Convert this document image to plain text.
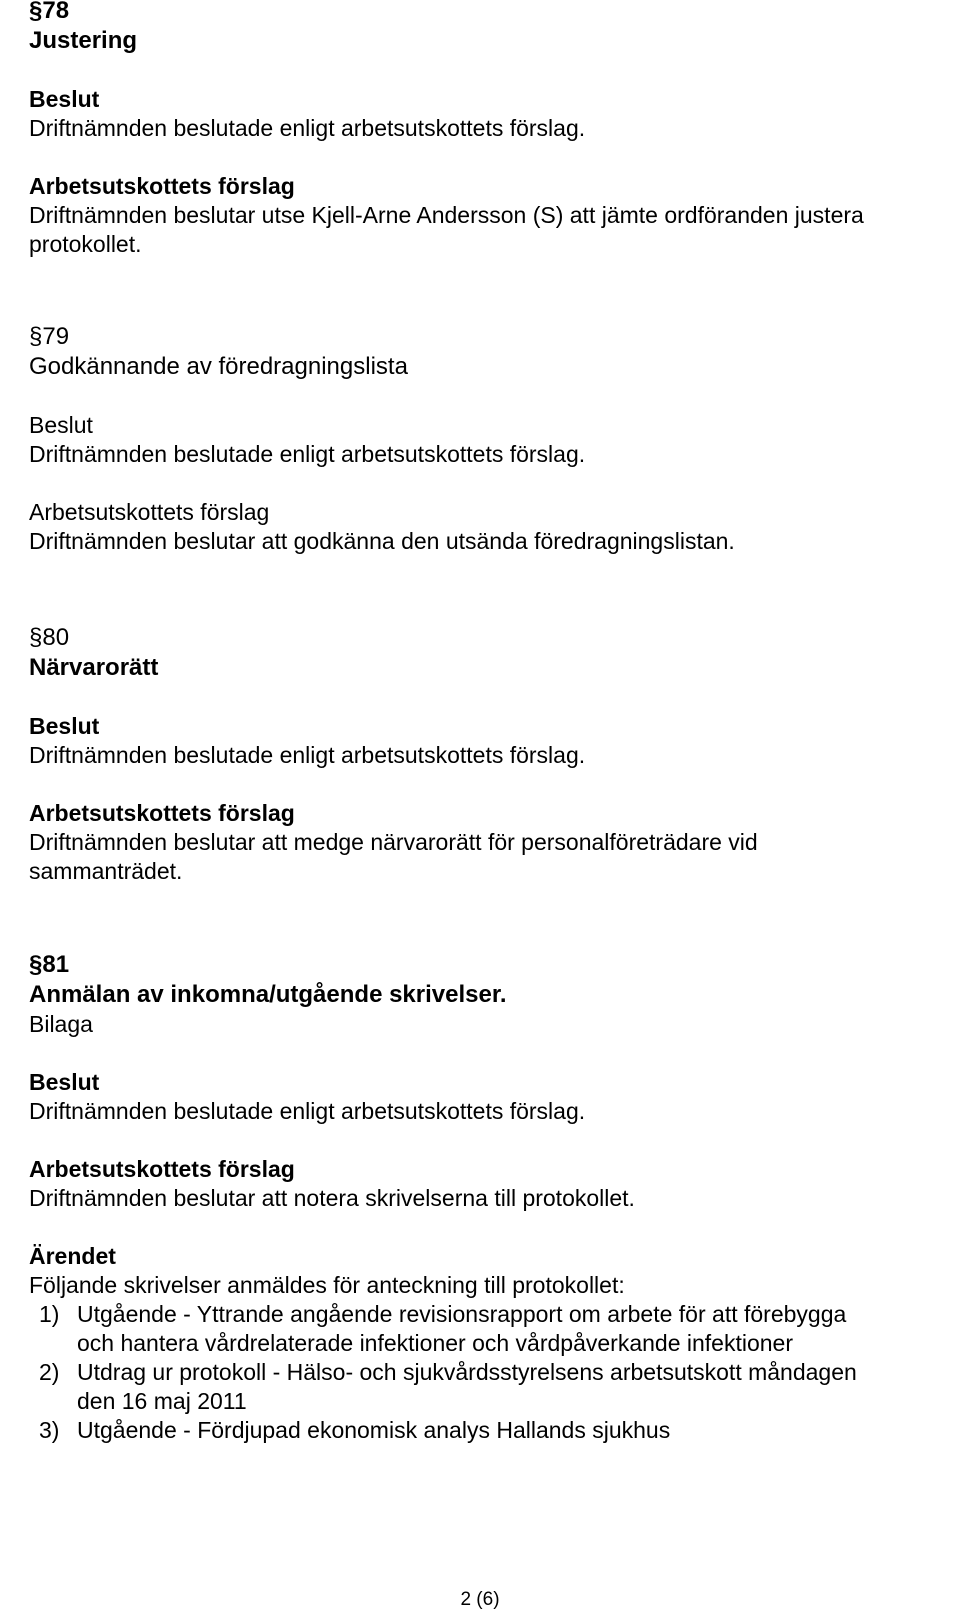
§78
Justering
Beslut
Driftnämnden beslutade enligt arbetsutskottets förslag.
Arbetsutskottets förslag
Driftnämnden beslutar utse Kjell-Arne Andersson (S) att jämte ordföranden justera
protokollet.
§79
Godkännande av föredragningslista
Beslut
Driftnämnden beslutade enligt arbetsutskottets förslag.
Arbetsutskottets förslag
Driftnämnden beslutar att godkänna den utsända föredragningslistan.
§80
Närvarorätt
Beslut
Driftnämnden beslutade enligt arbetsutskottets förslag.
Arbetsutskottets förslag
Driftnämnden beslutar att medge närvarorätt för personalföreträdare vid
sammanträdet.
§81
Anmälan av inkomna/utgående skrivelser.
Bilaga
Beslut
Driftnämnden beslutade enligt arbetsutskottets förslag.
Arbetsutskottets förslag
Driftnämnden beslutar att notera skrivelserna till protokollet.
Ärendet
Följande skrivelser anmäldes för anteckning till protokollet:
1) Utgående - Yttrande angående revisionsrapport om arbete för att förebygga
och hantera vårdrelaterade infektioner och vårdpåverkande infektioner
2) Utdrag ur protokoll - Hälso- och sjukvårdsstyrelsens arbetsutskott måndagen
den 16 maj 2011
3) Utgående - Fördjupad ekonomisk analys Hallands sjukhus
2 (6)
